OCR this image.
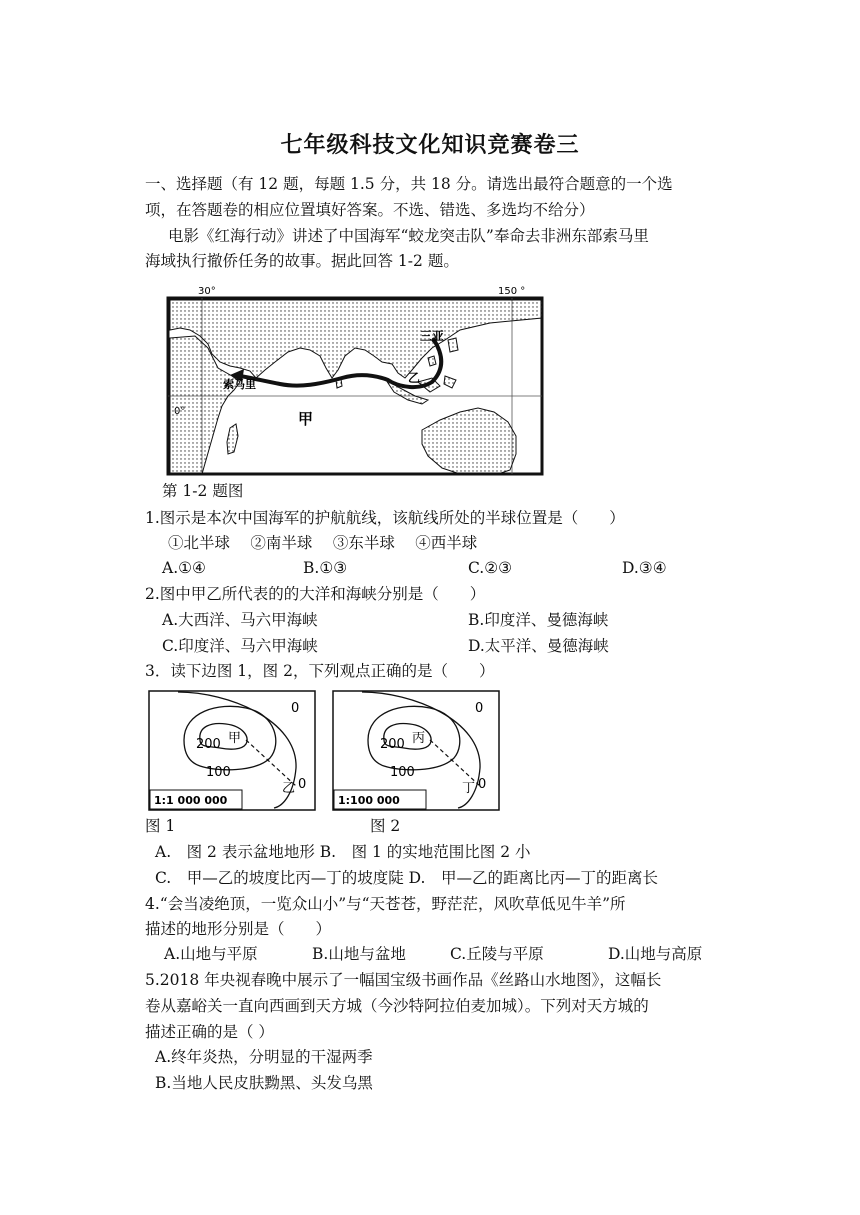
七年级科技文化知识竞赛卷三
一、选择题（有 12 题，每题 1.5 分，共 18 分。请选出最符合题意的一个选
项，在答题卷的相应位置填好答案。不选、错选、多选均不给分）
电影《红海行动》讲述了中国海军“蛟龙突击队”奉命去非洲东部索马里
海域执行撤侨任务的故事。据此回答 1-2 题。
30°	150 °
三亚
索马里	乙
0°	甲
第 1-2 题图
1.图示是本次中国海军的护航航线，该航线所处的半球位置是（　　）
①北半球　 ②南半球　 ③东半球　 ④西半球
A.①④	B.①③	C.②③	D.③④
2.图中甲乙所代表的的大洋和海峡分别是（　　）
A.大西洋、马六甲海峡	B.印度洋、曼德海峡
C.印度洋、马六甲海峡	D.太平洋、曼德海峡
3．读下边图 1，图 2，下列观点正确的是（　　）
200
100
0
甲
乙 0
1:1 000 000
200
100
0
丙
丁 0
1:100 000
图 1	图 2
A.　图 2 表示盆地地形 B.　图 1 的实地范围比图 2 小
C.　甲—乙的坡度比丙—丁的坡度陡 D.　甲—乙的距离比丙—丁的距离长
4.“会当凌绝顶，一览众山小”与“天苍苍，野茫茫，风吹草低见牛羊”所
描述的地形分别是（　　）
A.山地与平原	B.山地与盆地	C.丘陵与平原	D.山地与高原
5.2018 年央视春晚中展示了一幅国宝级书画作品《丝路山水地图》，这幅长
卷从嘉峪关一直向西画到天方城（今沙特阿拉伯麦加城）。下列对天方城的
描述正确的是（ ）
A.终年炎热，分明显的干湿两季
B.当地人民皮肤黝黑、头发乌黑
